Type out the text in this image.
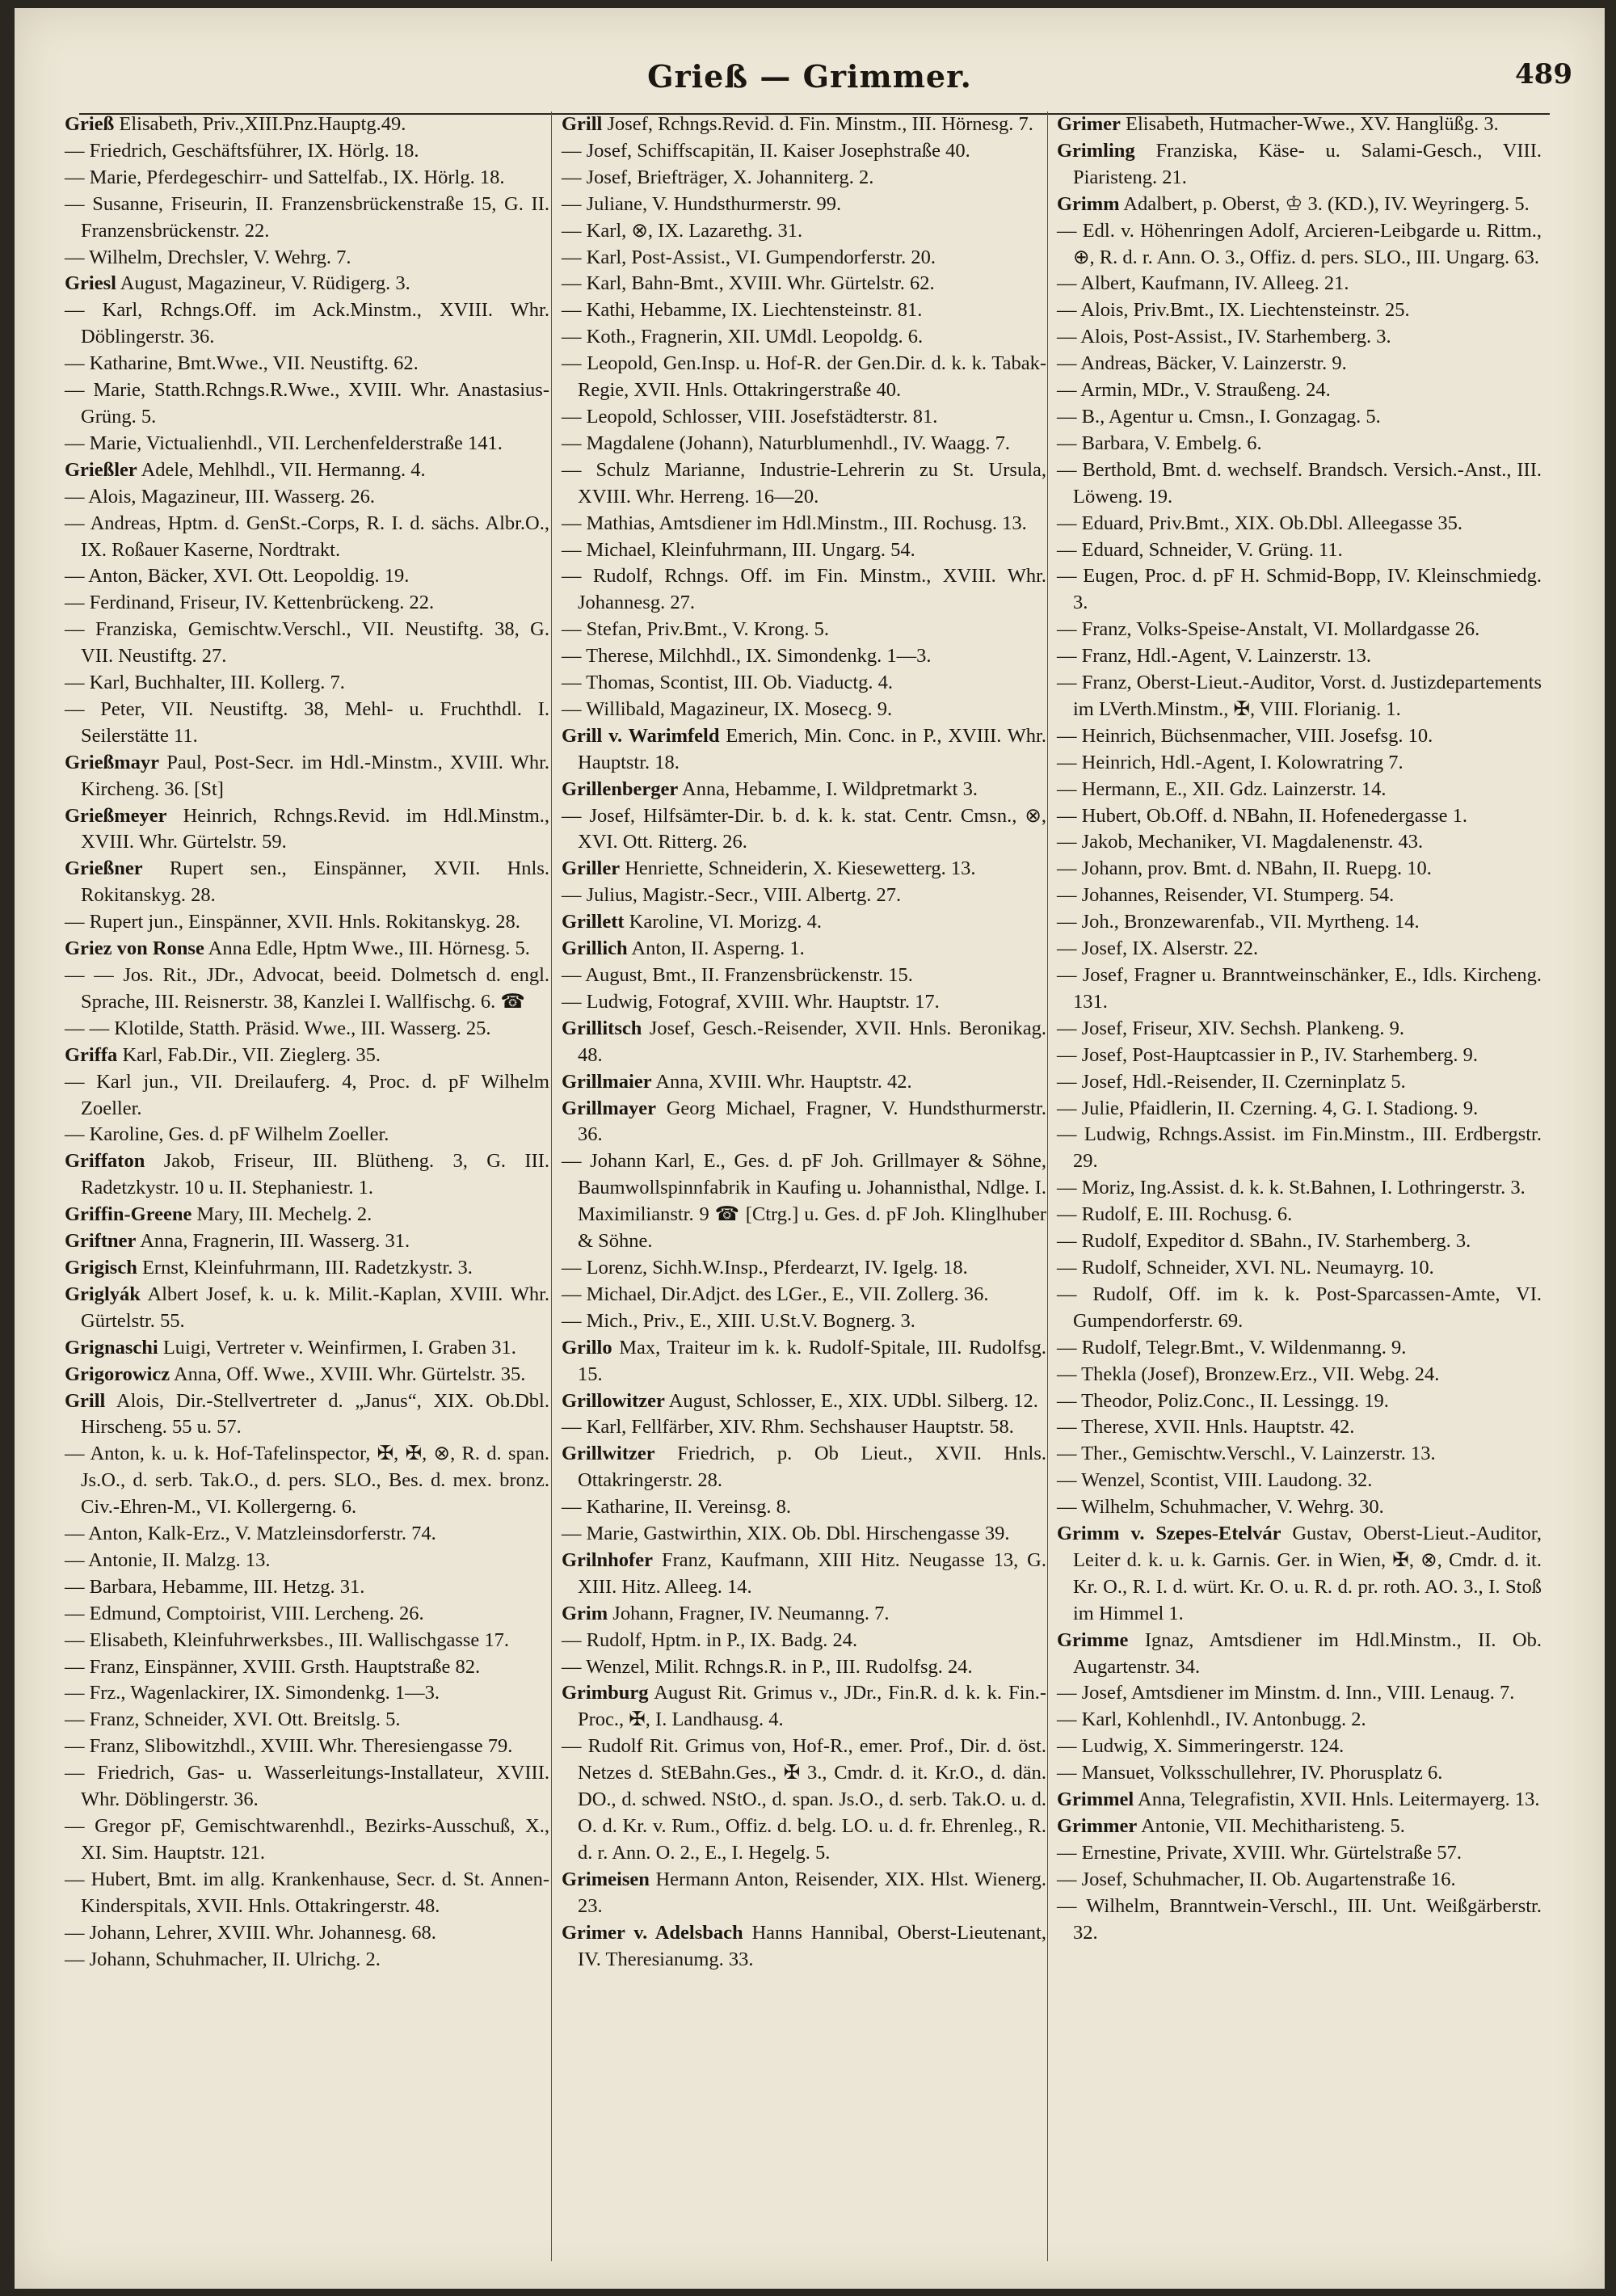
Grieß — Grimmer.	489

Grieß Elisabeth, Priv.,XIII.Pnz.Hauptg.49.

— Friedrich, Geschäftsführer, IX. Hörlg. 18.

— Marie, Pferdegeschirr- und Sattelfab., IX. Hörlg. 18.

— Susanne, Friseurin, II. Franzensbrückenstraße 15, G. II. Franzensbrückenstr. 22.

— Wilhelm, Drechsler, V. Wehrg. 7.

Griesl August, Magazineur, V. Rüdigerg. 3.

— Karl, Rchngs.Off. im Ack.Minstm., XVIII. Whr. Döblingerstr. 36.

— Katharine, Bmt.Wwe., VII. Neustiftg. 62.

— Marie, Statth.Rchngs.R.Wwe., XVIII. Whr. Anastasius-Grüng. 5.

— Marie, Victualienhdl., VII. Lerchenfelderstraße 141.

Grießler Adele, Mehlhdl., VII. Hermanng. 4.

— Alois, Magazineur, III. Wasserg. 26.

— Andreas, Hptm. d. GenSt.-Corps, R. I. d. sächs. Albr.O., IX. Roßauer Kaserne, Nordtrakt.

— Anton, Bäcker, XVI. Ott. Leopoldig. 19.

— Ferdinand, Friseur, IV. Kettenbrückeng. 22.

— Franziska, Gemischtw.Verschl., VII. Neustiftg. 38, G. VII. Neustiftg. 27.

— Karl, Buchhalter, III. Kollerg. 7.

— Peter, VII. Neustiftg. 38, Mehl- u. Fruchthdl. I. Seilerstätte 11.

Grießmayr Paul, Post-Secr. im Hdl.-Minstm., XVIII. Whr. Kircheng. 36. [St]

Grießmeyer Heinrich, Rchngs.Revid. im Hdl.Minstm., XVIII. Whr. Gürtelstr. 59.

Grießner Rupert sen., Einspänner, XVII. Hnls. Rokitanskyg. 28.

— Rupert jun., Einspänner, XVII. Hnls. Rokitanskyg. 28.

Griez von Ronse Anna Edle, Hptm Wwe., III. Hörnesg. 5.

— — Jos. Rit., JDr., Advocat, beeid. Dolmetsch d. engl. Sprache, III. Reisnerstr. 38, Kanzlei I. Wallfischg. 6. ☎

— — Klotilde, Statth. Präsid. Wwe., III. Wasserg. 25.

Griffa Karl, Fab.Dir., VII. Zieglerg. 35.

— Karl jun., VII. Dreilauferg. 4, Proc. d. pF Wilhelm Zoeller.

— Karoline, Ges. d. pF Wilhelm Zoeller.

Griffaton Jakob, Friseur, III. Blütheng. 3, G. III. Radetzkystr. 10 u. II. Stephaniestr. 1.

Griffin-Greene Mary, III. Mechelg. 2.

Griftner Anna, Fragnerin, III. Wasserg. 31.

Grigisch Ernst, Kleinfuhrmann, III. Radetzkystr. 3.

Griglyák Albert Josef, k. u. k. Milit.-Kaplan, XVIII. Whr. Gürtelstr. 55.

Grignaschi Luigi, Vertreter v. Weinfirmen, I. Graben 31.

Grigorowicz Anna, Off. Wwe., XVIII. Whr. Gürtelstr. 35.

Grill Alois, Dir.-Stellvertreter d. „Janus“, XIX. Ob.Dbl. Hirscheng. 55 u. 57.

— Anton, k. u. k. Hof-Tafelinspector, ✠, ✠, ⊗, R. d. span. Js.O., d. serb. Tak.O., d. pers. SLO., Bes. d. mex. bronz. Civ.-Ehren-M., VI. Kollergerng. 6.

— Anton, Kalk-Erz., V. Matzleinsdorferstr. 74.

— Antonie, II. Malzg. 13.

— Barbara, Hebamme, III. Hetzg. 31.

— Edmund, Comptoirist, VIII. Lercheng. 26.

— Elisabeth, Kleinfuhrwerksbes., III. Wallischgasse 17.

— Franz, Einspänner, XVIII. Grsth. Hauptstraße 82.

— Frz., Wagenlackirer, IX. Simondenkg. 1—3.

— Franz, Schneider, XVI. Ott. Breitslg. 5.

— Franz, Slibowitzhdl., XVIII. Whr. Theresiengasse 79.

— Friedrich, Gas- u. Wasserleitungs-Installateur, XVIII. Whr. Döblingerstr. 36.

— Gregor pF, Gemischtwarenhdl., Bezirks-Ausschuß, X., XI. Sim. Hauptstr. 121.

— Hubert, Bmt. im allg. Krankenhause, Secr. d. St. Annen-Kinderspitals, XVII. Hnls. Ottakringerstr. 48.

— Johann, Lehrer, XVIII. Whr. Johannesg. 68.

— Johann, Schuhmacher, II. Ulrichg. 2.

Grill Josef, Rchngs.Revid. d. Fin. Minstm., III. Hörnesg. 7.

— Josef, Schiffscapitän, II. Kaiser Josephstraße 40.

— Josef, Briefträger, X. Johanniterg. 2.

— Juliane, V. Hundsthurmerstr. 99.

— Karl, ⊗, IX. Lazarethg. 31.

— Karl, Post-Assist., VI. Gumpendorferstr. 20.

— Karl, Bahn-Bmt., XVIII. Whr. Gürtelstr. 62.

— Kathi, Hebamme, IX. Liechtensteinstr. 81.

— Koth., Fragnerin, XII. UMdl. Leopoldg. 6.

— Leopold, Gen.Insp. u. Hof-R. der Gen.Dir. d. k. k. Tabak-Regie, XVII. Hnls. Ottakringerstraße 40.

— Leopold, Schlosser, VIII. Josefstädterstr. 81.

— Magdalene (Johann), Naturblumenhdl., IV. Waagg. 7.

— Schulz Marianne, Industrie-Lehrerin zu St. Ursula, XVIII. Whr. Herreng. 16—20.

— Mathias, Amtsdiener im Hdl.Minstm., III. Rochusg. 13.

— Michael, Kleinfuhrmann, III. Ungarg. 54.

— Rudolf, Rchngs. Off. im Fin. Minstm., XVIII. Whr. Johannesg. 27.

— Stefan, Priv.Bmt., V. Krong. 5.

— Therese, Milchhdl., IX. Simondenkg. 1—3.

— Thomas, Scontist, III. Ob. Viaductg. 4.

— Willibald, Magazineur, IX. Mosесg. 9.

Grill v. Warimfeld Emerich, Min. Conc. in P., XVIII. Whr. Hauptstr. 18.

Grillenberger Anna, Hebamme, I. Wildpretmarkt 3.

— Josef, Hilfsämter-Dir. b. d. k. k. stat. Centr. Cmsn., ⊗, XVI. Ott. Ritterg. 26.

Griller Henriette, Schneiderin, X. Kiesewetterg. 13.

— Julius, Magistr.-Secr., VIII. Albertg. 27.

Grillett Karoline, VI. Morizg. 4.

Grillich Anton, II. Asperng. 1.

— August, Bmt., II. Franzensbrückenstr. 15.

— Ludwig, Fotograf, XVIII. Whr. Hauptstr. 17.

Grillitsch Josef, Gesch.-Reisender, XVII. Hnls. Beronikag. 48.

Grillmaier Anna, XVIII. Whr. Hauptstr. 42.

Grillmayer Georg Michael, Fragner, V. Hundsthurmerstr. 36.

— Johann Karl, E., Ges. d. pF Joh. Grillmayer & Söhne, Baumwollspinnfabrik in Kaufing u. Johannisthal, Ndlge. I. Maximilianstr. 9 ☎ [Ctrg.] u. Ges. d. pF Joh. Klinglhuber & Söhne.

— Lorenz, Sichh.W.Insp., Pferdearzt, IV. Igelg. 18.

— Michael, Dir.Adjct. des LGer., E., VII. Zollerg. 36.

— Mich., Priv., E., XIII. U.St.V. Bognerg. 3.

Grillo Max, Traiteur im k. k. Rudolf-Spitale, III. Rudolfsg. 15.

Grillowitzer August, Schlosser, E., XIX. UDbl. Silberg. 12.

— Karl, Fellfärber, XIV. Rhm. Sechshauser Hauptstr. 58.

Grillwitzer Friedrich, p. Ob Lieut., XVII. Hnls. Ottakringerstr. 28.

— Katharine, II. Vereinsg. 8.

— Marie, Gastwirthin, XIX. Ob. Dbl. Hirschengasse 39.

Grilnhofer Franz, Kaufmann, XIII Hitz. Neugasse 13, G. XIII. Hitz. Alleeg. 14.

Grim Johann, Fragner, IV. Neumanng. 7.

— Rudolf, Hptm. in P., IX. Badg. 24.

— Wenzel, Milit. Rchngs.R. in P., III. Rudolfsg. 24.

Grimburg August Rit. Grimus v., JDr., Fin.R. d. k. k. Fin.-Proc., ✠, I. Landhausg. 4.

— Rudolf Rit. Grimus von, Hof-R., emer. Prof., Dir. d. öst. Netzes d. StEBahn.Ges., ✠ 3., Cmdr. d. it. Kr.O., d. dän. DO., d. schwed. NStO., d. span. Js.O., d. serb. Tak.O. u. d. O. d. Kr. v. Rum., Offiz. d. belg. LO. u. d. fr. Ehrenleg., R. d. r. Ann. O. 2., E., I. Hegelg. 5.

Grimeisen Hermann Anton, Reisender, XIX. Hlst. Wienerg. 23.

Grimer v. Adelsbach Hanns Hannibal, Oberst-Lieutenant, IV. Theresianumg. 33.

Grimer Elisabeth, Hutmacher-Wwe., XV. Hanglüßg. 3.

Grimling Franziska, Käse- u. Salami-Gesch., VIII. Piaristeng. 21.

Grimm Adalbert, p. Oberst, ♔ 3. (KD.), IV. Weyringerg. 5.

— Edl. v. Höhenringen Adolf, Arcieren-Leibgarde u. Rittm., ⊕, R. d. r. Ann. O. 3., Offiz. d. pers. SLO., III. Ungarg. 63.

— Albert, Kaufmann, IV. Alleeg. 21.

— Alois, Priv.Bmt., IX. Liechtensteinstr. 25.

— Alois, Post-Assist., IV. Starhemberg. 3.

— Andreas, Bäcker, V. Lainzerstr. 9.

— Armin, MDr., V. Straußeng. 24.

— B., Agentur u. Cmsn., I. Gonzagag. 5.

— Barbara, V. Embelg. 6.

— Berthold, Bmt. d. wechself. Brandsch. Versich.-Anst., III. Löweng. 19.

— Eduard, Priv.Bmt., XIX. Ob.Dbl. Alleegasse 35.

— Eduard, Schneider, V. Grüng. 11.

— Eugen, Proc. d. pF H. Schmid-Bopp, IV. Kleinschmiedg. 3.

— Franz, Volks-Speise-Anstalt, VI. Mollardgasse 26.

— Franz, Hdl.-Agent, V. Lainzerstr. 13.

— Franz, Oberst-Lieut.-Auditor, Vorst. d. Justizdepartements im LVerth.Minstm., ✠, VIII. Florianig. 1.

— Heinrich, Büchsenmacher, VIII. Josefsg. 10.

— Heinrich, Hdl.-Agent, I. Kolowratring 7.

— Hermann, E., XII. Gdz. Lainzerstr. 14.

— Hubert, Ob.Off. d. NBahn, II. Hofenedergasse 1.

— Jakob, Mechaniker, VI. Magdalenenstr. 43.

— Johann, prov. Bmt. d. NBahn, II. Ruepg. 10.

— Johannes, Reisender, VI. Stumperg. 54.

— Joh., Bronzewarenfab., VII. Myrtheng. 14.

— Josef, IX. Alserstr. 22.

— Josef, Fragner u. Branntweinschänker, E., Idls. Kircheng. 131.

— Josef, Friseur, XIV. Sechsh. Plankeng. 9.

— Josef, Post-Hauptcassier in P., IV. Starhemberg. 9.

— Josef, Hdl.-Reisender, II. Czerninplatz 5.

— Julie, Pfaidlerin, II. Czerning. 4, G. I. Stadiong. 9.

— Ludwig, Rchngs.Assist. im Fin.Minstm., III. Erdbergstr. 29.

— Moriz, Ing.Assist. d. k. k. St.Bahnen, I. Lothringerstr. 3.

— Rudolf, E. III. Rochusg. 6.

— Rudolf, Expeditor d. SBahn., IV. Starhemberg. 3.

— Rudolf, Schneider, XVI. NL. Neumayrg. 10.

— Rudolf, Off. im k. k. Post-Sparcassen-Amte, VI. Gumpendorferstr. 69.

— Rudolf, Telegr.Bmt., V. Wildenmanng. 9.

— Thekla (Josef), Bronzew.Erz., VII. Webg. 24.

— Theodor, Poliz.Conc., II. Lessingg. 19.

— Therese, XVII. Hnls. Hauptstr. 42.

— Ther., Gemischtw.Verschl., V. Lainzerstr. 13.

— Wenzel, Scontist, VIII. Laudong. 32.

— Wilhelm, Schuhmacher, V. Wehrg. 30.

Grimm v. Szepes-Etelvár Gustav, Oberst-Lieut.-Auditor, Leiter d. k. u. k. Garnis. Ger. in Wien, ✠, ⊗, Cmdr. d. it. Kr. O., R. I. d. würt. Kr. O. u. R. d. pr. roth. AO. 3., I. Stoß im Himmel 1.

Grimme Ignaz, Amtsdiener im Hdl.Minstm., II. Ob. Augartenstr. 34.

— Josef, Amtsdiener im Minstm. d. Inn., VIII. Lenaug. 7.

— Karl, Kohlenhdl., IV. Antonbugg. 2.

— Ludwig, X. Simmeringerstr. 124.

— Mansuet, Volksschullehrer, IV. Phorusplatz 6.

Grimmel Anna, Telegrafistin, XVII. Hnls. Leitermayerg. 13.

Grimmer Antonie, VII. Mechitharisteng. 5.

— Ernestine, Private, XVIII. Whr. Gürtelstraße 57.

— Josef, Schuhmacher, II. Ob. Augartenstraße 16.

— Wilhelm, Branntwein-Verschl., III. Unt. Weißgärberstr. 32.
